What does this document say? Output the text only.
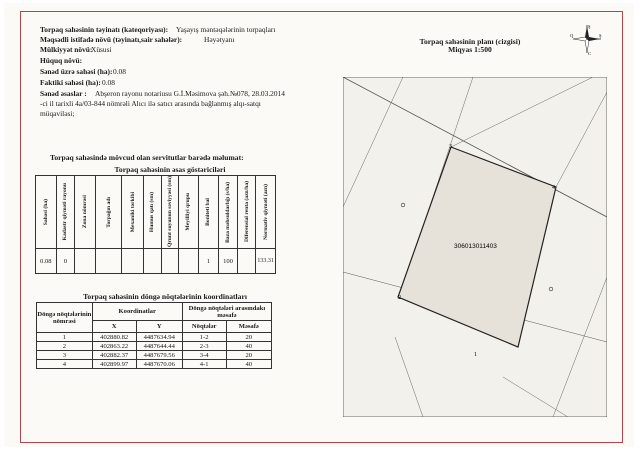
Torpaq sahəsinin təyinatı (kateqoriyası): Yaşayış məntəqələrinin torpaqları
Məqsədli istifadə növü (təyinatı,sair sahələr):	Həyətyanı
Mülkiyyət növü:
Xüsusi
Hüquq növü:
Sənəd üzrə sahəsi (ha): 0.08
Faktiki sahəsi (ha): 0.08
Sənəd əsaslar : Abşeron rayonu notariusu G.İ.Məsimova şəh.№078, 28.03.2014
-ci il tarixli 4a/03-844 nömrəli Alıcı ilə satıcı arasında bağlanmış alqı-satqı
müqaviləsi;
Torpaq sahəsinin planı (cizgisi)
Miqyas 1:500
Ş
C
Ş
Q
306013011403
1
2
3
4
Torpaq sahəsində mövcud olan servitutlar barədə məlumat:
Torpaq sahəsinin əsas göstəriciləri
Sahəsi (ha)	Kadastr qiyməti rayonu	Zona nömrəsi	Torpağın adı	Mexaniki tərkibi	Humus qatı (sm)	Qrunt suyunun səviyyəsi (sm)	Meyilliyi qrupu	Boniteti bal	Baza məhsuldarlığı (s/ha)	Diferensial renta (azn/ha)	Normativ qiyməti (azn)

0.08	0							1	100		133.31
Torpaq sahəsinin döngə nöqtələrinin koordinatları
Döngə nöqtələrinin nömrəsi	Koordinatlar		Döngə nöqtələri arasındakı məsafə	
	X	Y	Nöqtələr	Məsafə
1	402880.82	4487634.94	1-2	20
2	402863.22	4487644.44	2-3	40
3	402882.37	4487679.56	3-4	20
4	402899.97	4487670.06	4-1	40
